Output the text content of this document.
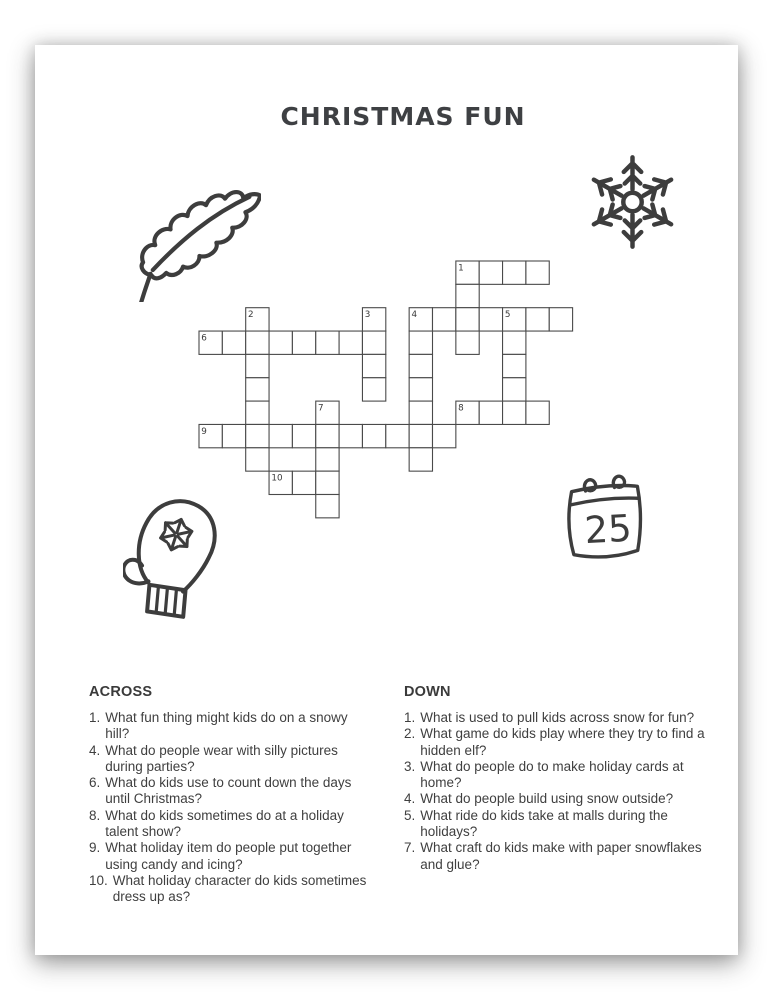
CHRISTMAS FUN
1
2	3	4	5
6
7	8
9
10
25
ACROSS
1. What fun thing might kids do on a snowy hill?
4. What do people wear with silly pictures during parties?
6. What do kids use to count down the days until Christmas?
8. What do kids sometimes do at a holiday talent show?
9. What holiday item do people put together using candy and icing?
10. What holiday character do kids sometimes dress up as?
DOWN
1. What is used to pull kids across snow for fun?
2. What game do kids play where they try to find a hidden elf?
3. What do people do to make holiday cards at home?
4. What do people build using snow outside?
5. What ride do kids take at malls during the holidays?
7. What craft do kids make with paper snowflakes and glue?
